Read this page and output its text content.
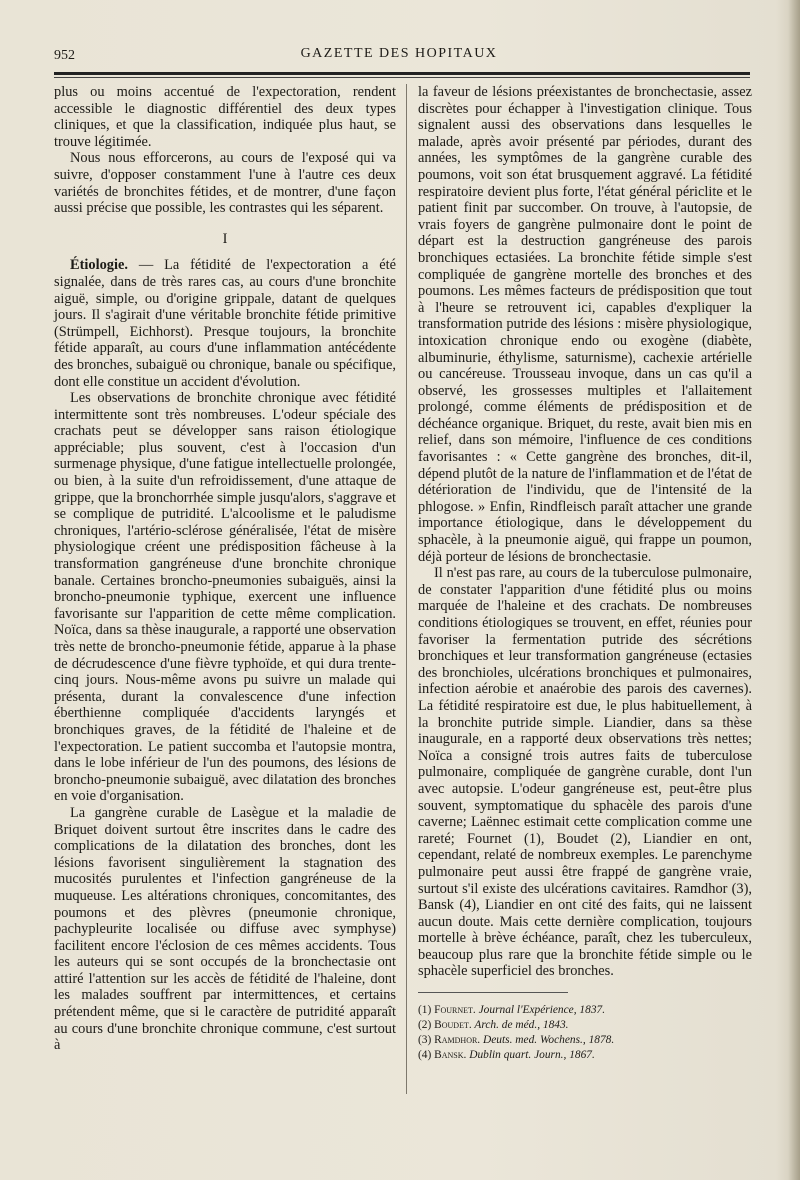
952	GAZETTE DES HOPITAUX

plus ou moins accentué de l'expectoration, rendent accessible le diagnostic différentiel des deux types cliniques, et que la classification, indiquée plus haut, se trouve légitimée.

Nous nous efforcerons, au cours de l'exposé qui va suivre, d'opposer constamment l'une à l'autre ces deux variétés de bronchites fétides, et de montrer, d'une façon aussi précise que possible, les contrastes qui les séparent.

I

Étiologie. — La fétidité de l'expectoration a été signalée, dans de très rares cas, au cours d'une bronchite aiguë, simple, ou d'origine grippale, datant de quelques jours. Il s'agirait d'une véritable bronchite fétide primitive (Strümpell, Eichhorst). Presque toujours, la bronchite fétide apparaît, au cours d'une inflammation antécédente des bronches, subaiguë ou chronique, banale ou spécifique, dont elle constitue un accident d'évolution.

Les observations de bronchite chronique avec fétidité intermittente sont très nombreuses. L'odeur spéciale des crachats peut se développer sans raison étiologique appréciable; plus souvent, c'est à l'occasion d'un surmenage physique, d'une fatigue intellectuelle prolongée, ou bien, à la suite d'un refroidissement, d'une attaque de grippe, que la bronchorrhée simple jusqu'alors, s'aggrave et se complique de putridité. L'alcoolisme et le paludisme chroniques, l'artério-sclérose généralisée, l'état de misère physiologique créent une prédisposition fâcheuse à la transformation gangréneuse d'une bronchite chronique banale. Certaines broncho-pneumonies subaiguës, ainsi la broncho-pneumonie typhique, exercent une influence favorisante sur l'apparition de cette même complication. Noïca, dans sa thèse inaugurale, a rapporté une observation très nette de broncho-pneumonie fétide, apparue à la phase de décrudescence d'une fièvre typhoïde, et qui dura trente-cinq jours. Nous-même avons pu suivre un malade qui présenta, durant la convalescence d'une infection éberthienne compliquée d'accidents laryngés et bronchiques graves, de la fétidité de l'haleine et de l'expectoration. Le patient succomba et l'autopsie montra, dans le lobe inférieur de l'un des poumons, des lésions de broncho-pneumonie subaiguë, avec dilatation des bronches en voie d'organisation.

La gangrène curable de Lasègue et la maladie de Briquet doivent surtout être inscrites dans le cadre des complications de la dilatation des bronches, dont les lésions favorisent singulièrement la stagnation des mucosités purulentes et l'infection gangréneuse de la muqueuse. Les altérations chroniques, concomitantes, des poumons et des plèvres (pneumonie chronique, pachypleurite localisée ou diffuse avec symphyse) facilitent encore l'éclosion de ces mêmes accidents. Tous les auteurs qui se sont occupés de la bronchectasie ont attiré l'attention sur les accès de fétidité de l'haleine, dont les malades souffrent par intermittences, et certains prétendent même, que si le caractère de putridité apparaît au cours d'une bronchite chronique commune, c'est surtout à

la faveur de lésions préexistantes de bronchectasie, assez discrètes pour échapper à l'investigation clinique. Tous signalent aussi des observations dans lesquelles le malade, après avoir présenté par périodes, durant des années, les symptômes de la gangrène curable des poumons, voit son état brusquement aggravé. La fétidité respiratoire devient plus forte, l'état général périclite et le patient finit par succomber. On trouve, à l'autopsie, de vrais foyers de gangrène pulmonaire dont le point de départ est la destruction gangréneuse des parois bronchiques ectasiées. La bronchite fétide simple s'est compliquée de gangrène mortelle des bronches et des poumons. Les mêmes facteurs de prédisposition que tout à l'heure se retrouvent ici, capables d'expliquer la transformation putride des lésions : misère physiologique, intoxication chronique endo ou exogène (diabète, albuminurie, éthylisme, saturnisme), cachexie artérielle ou cancéreuse. Trousseau invoque, dans un cas qu'il a observé, les grossesses multiples et l'allaitement prolongé, comme éléments de prédisposition et de déchéance organique. Briquet, du reste, avait bien mis en relief, dans son mémoire, l'influence de ces conditions favorisantes : « Cette gangrène des bronches, dit-il, dépend plutôt de la nature de l'inflammation et de l'état de détérioration de l'individu, que de l'intensité de la phlogose. » Enfin, Rindfleisch paraît attacher une grande importance étiologique, dans le développement du sphacèle, à la pneumonie aiguë, qui frappe un poumon, déjà porteur de lésions de bronchectasie.

Il n'est pas rare, au cours de la tuberculose pulmonaire, de constater l'apparition d'une fétidité plus ou moins marquée de l'haleine et des crachats. De nombreuses conditions étiologiques se trouvent, en effet, réunies pour favoriser la fermentation putride des sécrétions bronchiques et leur transformation gangréneuse (ectasies des bronchioles, ulcérations bronchiques et pulmonaires, infection aérobie et anaérobie des parois des cavernes). La fétidité respiratoire est due, le plus habituellement, à la bronchite putride simple. Liandier, dans sa thèse inaugurale, en a rapporté deux observations très nettes; Noïca a consigné trois autres faits de tuberculose pulmonaire, compliquée de gangrène curable, dont l'un avec autopsie. L'odeur gangréneuse est, peut-être plus souvent, symptomatique du sphacèle des parois d'une caverne; Laënnec estimait cette complication comme une rareté; Fournet (1), Boudet (2), Liandier en ont, cependant, relaté de nombreux exemples. Le parenchyme pulmonaire peut aussi être frappé de gangrène vraie, surtout s'il existe des ulcérations cavitaires. Ramdhor (3), Bansk (4), Liandier en ont cité des faits, qui ne laissent aucun doute. Mais cette dernière complication, toujours mortelle à brève échéance, paraît, chez les tuberculeux, beaucoup plus rare que la bronchite fétide simple ou le sphacèle superficiel des bronches.

(1) Fournet. Journal l'Expérience, 1837.
(2) Boudet. Arch. de méd., 1843.
(3) Ramdhor. Deuts. med. Wochens., 1878.
(4) Bansk. Dublin quart. Journ., 1867.
